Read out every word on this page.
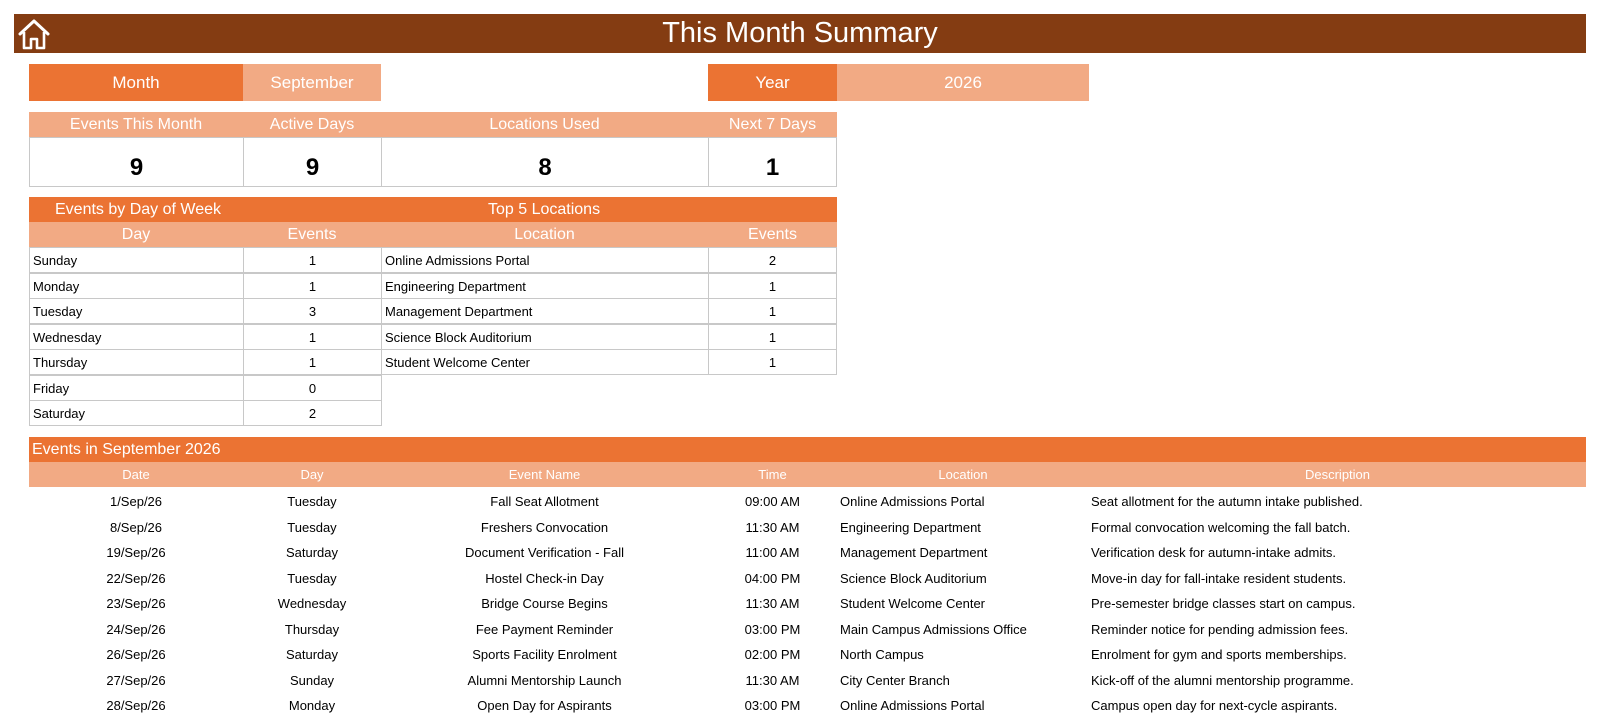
This Month Summary
Month	September	Year	2026
Events This Month	Active Days	Locations Used	Next 7 Days
9	9	8	1
Events by Day of Week	Top 5 Locations
Day	Events	Location	Events
Sunday	1
Monday	1
Tuesday	3
Wednesday	1
Thursday	1
Friday	0
Saturday	2
Online Admissions Portal	2
Engineering Department	1
Management Department	1
Science Block Auditorium	1
Student Welcome Center	1
Events in September 2026
Date	Day	Event Name	Time	Location	Description
1/Sep/26	Tuesday	Fall Seat Allotment	09:00 AM	Online Admissions Portal	Seat allotment for the autumn intake published.
8/Sep/26	Tuesday	Freshers Convocation	11:30 AM	Engineering Department	Formal convocation welcoming the fall batch.
19/Sep/26	Saturday	Document Verification - Fall	11:00 AM	Management Department	Verification desk for autumn-intake admits.
22/Sep/26	Tuesday	Hostel Check-in Day	04:00 PM	Science Block Auditorium	Move-in day for fall-intake resident students.
23/Sep/26	Wednesday	Bridge Course Begins	11:30 AM	Student Welcome Center	Pre-semester bridge classes start on campus.
24/Sep/26	Thursday	Fee Payment Reminder	03:00 PM	Main Campus Admissions Office	Reminder notice for pending admission fees.
26/Sep/26	Saturday	Sports Facility Enrolment	02:00 PM	North Campus	Enrolment for gym and sports memberships.
27/Sep/26	Sunday	Alumni Mentorship Launch	11:30 AM	City Center Branch	Kick-off of the alumni mentorship programme.
28/Sep/26	Monday	Open Day for Aspirants	03:00 PM	Online Admissions Portal	Campus open day for next-cycle aspirants.
